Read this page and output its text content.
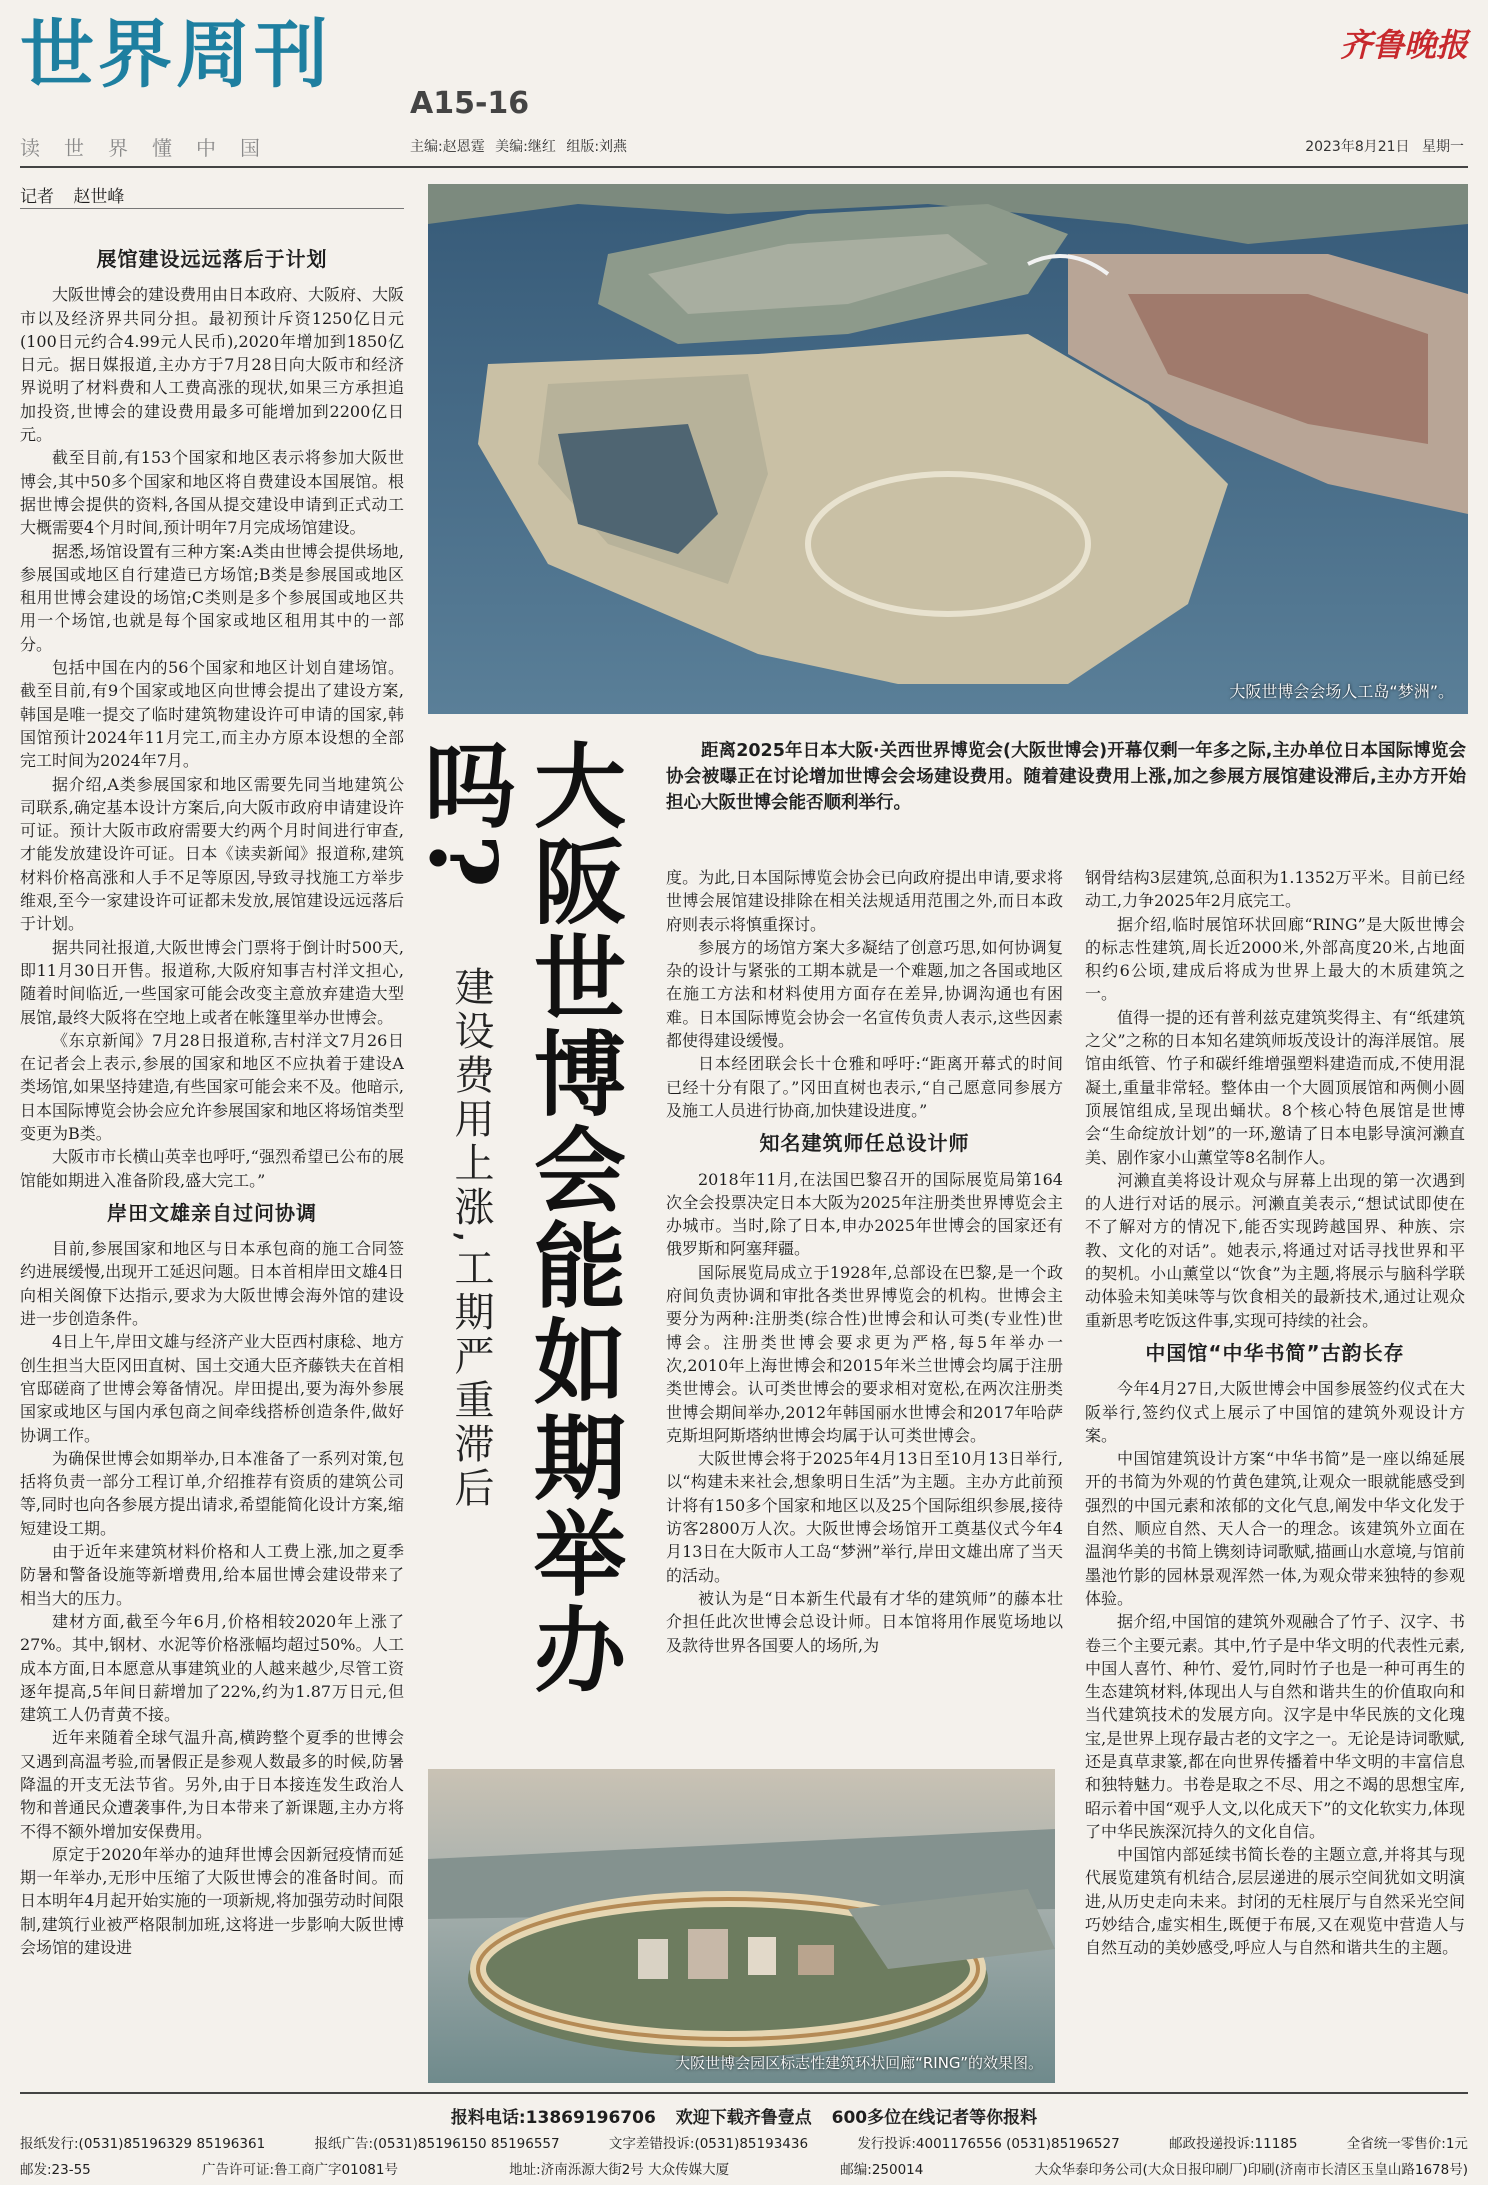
世界周刊
A15-16
齐鲁晚报
读世界懂中国	主编:赵恩霆 美编:继红 组版:刘燕	2023年8月21日 星期一
记者 赵世峰
展馆建设远远落后于计划

大阪世博会的建设费用由日本政府、大阪府、大阪市以及经济界共同分担。最初预计斥资1250亿日元(100日元约合4.99元人民币),2020年增加到1850亿日元。据日媒报道,主办方于7月28日向大阪市和经济界说明了材料费和人工费高涨的现状,如果三方承担追加投资,世博会的建设费用最多可能增加到2200亿日元。

截至目前,有153个国家和地区表示将参加大阪世博会,其中50多个国家和地区将自费建设本国展馆。根据世博会提供的资料,各国从提交建设申请到正式动工大概需要4个月时间,预计明年7月完成场馆建设。

据悉,场馆设置有三种方案:A类由世博会提供场地,参展国或地区自行建造已方场馆;B类是参展国或地区租用世博会建设的场馆;C类则是多个参展国或地区共用一个场馆,也就是每个国家或地区租用其中的一部分。

包括中国在内的56个国家和地区计划自建场馆。截至目前,有9个国家或地区向世博会提出了建设方案,韩国是唯一提交了临时建筑物建设许可申请的国家,韩国馆预计2024年11月完工,而主办方原本设想的全部完工时间为2024年7月。

据介绍,A类参展国家和地区需要先同当地建筑公司联系,确定基本设计方案后,向大阪市政府申请建设许可证。预计大阪市政府需要大约两个月时间进行审查,才能发放建设许可证。日本《读卖新闻》报道称,建筑材料价格高涨和人手不足等原因,导致寻找施工方举步维艰,至今一家建设许可证都未发放,展馆建设远远落后于计划。

据共同社报道,大阪世博会门票将于倒计时500天,即11月30日开售。报道称,大阪府知事吉村洋文担心,随着时间临近,一些国家可能会改变主意放弃建造大型展馆,最终大阪将在空地上或者在帐篷里举办世博会。

《东京新闻》7月28日报道称,吉村洋文7月26日在记者会上表示,参展的国家和地区不应执着于建设A类场馆,如果坚持建造,有些国家可能会来不及。他暗示,日本国际博览会协会应允许参展国家和地区将场馆类型变更为B类。

大阪市市长横山英幸也呼吁,“强烈希望已公布的展馆能如期进入准备阶段,盛大完工。”

岸田文雄亲自过问协调

目前,参展国家和地区与日本承包商的施工合同签约进展缓慢,出现开工延迟问题。日本首相岸田文雄4日向相关阁僚下达指示,要求为大阪世博会海外馆的建设进一步创造条件。

4日上午,岸田文雄与经济产业大臣西村康稔、地方创生担当大臣冈田直树、国土交通大臣齐藤铁夫在首相官邸磋商了世博会筹备情况。岸田提出,要为海外参展国家或地区与国内承包商之间牵线搭桥创造条件,做好协调工作。

为确保世博会如期举办,日本准备了一系列对策,包括将负责一部分工程订单,介绍推荐有资质的建筑公司等,同时也向各参展方提出请求,希望能简化设计方案,缩短建设工期。

由于近年来建筑材料价格和人工费上涨,加之夏季防暑和警备设施等新增费用,给本届世博会建设带来了相当大的压力。

建材方面,截至今年6月,价格相较2020年上涨了27%。其中,钢材、水泥等价格涨幅均超过50%。人工成本方面,日本愿意从事建筑业的人越来越少,尽管工资逐年提高,5年间日薪增加了22%,约为1.87万日元,但建筑工人仍青黄不接。

近年来随着全球气温升高,横跨整个夏季的世博会又遇到高温考验,而暑假正是参观人数最多的时候,防暑降温的开支无法节省。另外,由于日本接连发生政治人物和普通民众遭袭事件,为日本带来了新课题,主办方将不得不额外增加安保费用。

原定于2020年举办的迪拜世博会因新冠疫情而延期一年举办,无形中压缩了大阪世博会的准备时间。而日本明年4月起开始实施的一项新规,将加强劳动时间限制,建筑行业被严格限制加班,这将进一步影响大阪世博会场馆的建设进

大阪世博会会场人工岛“梦洲”。
距离2025年日本大阪·关西世界博览会(大阪世博会)开幕仅剩一年多之际,主办单位日本国际博览会协会被曝正在讨论增加世博会会场建设费用。随着建设费用上涨,加之参展方展馆建设滞后,主办方开始担心大阪世博会能否顺利举行。
大阪世博会能如期举办吗?
建设费用上涨,工期严重滞后

度。为此,日本国际博览会协会已向政府提出申请,要求将世博会展馆建设排除在相关法规适用范围之外,而日本政府则表示将慎重探讨。

参展方的场馆方案大多凝结了创意巧思,如何协调复杂的设计与紧张的工期本就是一个难题,加之各国或地区在施工方法和材料使用方面存在差异,协调沟通也有困难。日本国际博览会协会一名宣传负责人表示,这些因素都使得建设缓慢。

日本经团联会长十仓雅和呼吁:“距离开幕式的时间已经十分有限了。”冈田直树也表示,“自己愿意同参展方及施工人员进行协商,加快建设进度。”

知名建筑师任总设计师

2018年11月,在法国巴黎召开的国际展览局第164次全会投票决定日本大阪为2025年注册类世界博览会主办城市。当时,除了日本,申办2025年世博会的国家还有俄罗斯和阿塞拜疆。

国际展览局成立于1928年,总部设在巴黎,是一个政府间负责协调和审批各类世界博览会的机构。世博会主要分为两种:注册类(综合性)世博会和认可类(专业性)世博会。注册类世博会要求更为严格,每5年举办一次,2010年上海世博会和2015年米兰世博会均属于注册类世博会。认可类世博会的要求相对宽松,在两次注册类世博会期间举办,2012年韩国丽水世博会和2017年哈萨克斯坦阿斯塔纳世博会均属于认可类世博会。

大阪世博会将于2025年4月13日至10月13日举行,以“构建未来社会,想象明日生活”为主题。主办方此前预计将有150多个国家和地区以及25个国际组织参展,接待访客2800万人次。大阪世博会场馆开工奠基仪式今年4月13日在大阪市人工岛“梦洲”举行,岸田文雄出席了当天的活动。

被认为是“日本新生代最有才华的建筑师”的藤本壮介担任此次世博会总设计师。日本馆将用作展览场地以及款待世界各国要人的场所,为

钢骨结构3层建筑,总面积为1.1352万平米。目前已经动工,力争2025年2月底完工。

据介绍,临时展馆环状回廊“RING”是大阪世博会的标志性建筑,周长近2000米,外部高度20米,占地面积约6公顷,建成后将成为世界上最大的木质建筑之一。

值得一提的还有普利兹克建筑奖得主、有“纸建筑之父”之称的日本知名建筑师坂茂设计的海洋展馆。展馆由纸管、竹子和碳纤维增强塑料建造而成,不使用混凝土,重量非常轻。整体由一个大圆顶展馆和两侧小圆顶展馆组成,呈现出蛹状。8个核心特色展馆是世博会“生命绽放计划”的一环,邀请了日本电影导演河濑直美、剧作家小山薰堂等8名制作人。

河濑直美将设计观众与屏幕上出现的第一次遇到的人进行对话的展示。河濑直美表示,“想试试即使在不了解对方的情况下,能否实现跨越国界、种族、宗教、文化的对话”。她表示,将通过对话寻找世界和平的契机。小山薰堂以“饮食”为主题,将展示与脑科学联动体验未知美味等与饮食相关的最新技术,通过让观众重新思考吃饭这件事,实现可持续的社会。

中国馆“中华书简”古韵长存

今年4月27日,大阪世博会中国参展签约仪式在大阪举行,签约仪式上展示了中国馆的建筑外观设计方案。

中国馆建筑设计方案“中华书简”是一座以绵延展开的书简为外观的竹黄色建筑,让观众一眼就能感受到强烈的中国元素和浓郁的文化气息,阐发中华文化发于自然、顺应自然、天人合一的理念。该建筑外立面在温润华美的书简上镌刻诗词歌赋,描画山水意境,与馆前墨池竹影的园林景观浑然一体,为观众带来独特的参观体验。

据介绍,中国馆的建筑外观融合了竹子、汉字、书卷三个主要元素。其中,竹子是中华文明的代表性元素,中国人喜竹、种竹、爱竹,同时竹子也是一种可再生的生态建筑材料,体现出人与自然和谐共生的价值取向和当代建筑技术的发展方向。汉字是中华民族的文化瑰宝,是世界上现存最古老的文字之一。无论是诗词歌赋,还是真草隶篆,都在向世界传播着中华文明的丰富信息和独特魅力。书卷是取之不尽、用之不竭的思想宝库,昭示着中国“观乎人文,以化成天下”的文化软实力,体现了中华民族深沉持久的文化自信。

中国馆内部延续书简长卷的主题立意,并将其与现代展览建筑有机结合,层层递进的展示空间犹如文明演进,从历史走向未来。封闭的无柱展厅与自然采光空间巧妙结合,虚实相生,既便于布展,又在观览中营造人与自然互动的美妙感受,呼应人与自然和谐共生的主题。

大阪世博会园区标志性建筑环状回廊“RING”的效果图。
报料电话:13869196706 欢迎下载齐鲁壹点 600多位在线记者等你报料
报纸发行:(0531)85196329 85196361	报纸广告:(0531)85196150 85196557	文字差错投诉:(0531)85193436	发行投诉:4001176556 (0531)85196527	邮政投递投诉:11185	全省统一零售价:1元
邮发:23-55	广告许可证:鲁工商广字01081号	地址:济南泺源大街2号 大众传媒大厦	邮编:250014	大众华泰印务公司(大众日报印刷厂)印刷(济南市长清区玉皇山路1678号)
